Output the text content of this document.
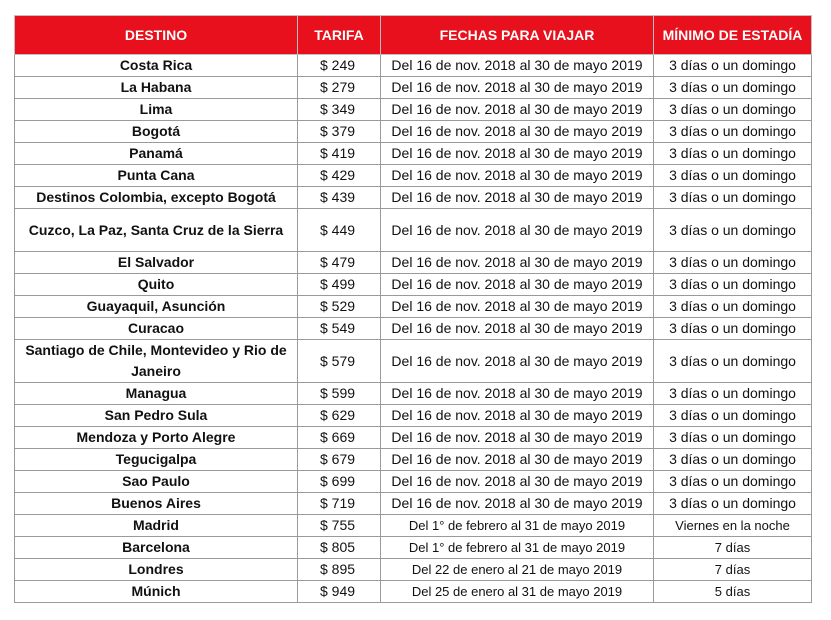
DESTINO	TARIFA	FECHAS PARA VIAJAR	MÍNIMO DE ESTADÍA
Costa Rica	$ 249	Del 16 de nov. 2018 al 30 de mayo 2019	3 días o un domingo
La Habana	$ 279	Del 16 de nov. 2018 al 30 de mayo 2019	3 días o un domingo
Lima	$ 349	Del 16 de nov. 2018 al 30 de mayo 2019	3 días o un domingo
Bogotá	$ 379	Del 16 de nov. 2018 al 30 de mayo 2019	3 días o un domingo
Panamá	$ 419	Del 16 de nov. 2018 al 30 de mayo 2019	3 días o un domingo
Punta Cana	$ 429	Del 16 de nov. 2018 al 30 de mayo 2019	3 días o un domingo
Destinos Colombia, excepto Bogotá	$ 439	Del 16 de nov. 2018 al 30 de mayo 2019	3 días o un domingo
Cuzco, La Paz, Santa Cruz de la Sierra	$ 449	Del 16 de nov. 2018 al 30 de mayo 2019	3 días o un domingo
El Salvador	$ 479	Del 16 de nov. 2018 al 30 de mayo 2019	3 días o un domingo
Quito	$ 499	Del 16 de nov. 2018 al 30 de mayo 2019	3 días o un domingo
Guayaquil, Asunción	$ 529	Del 16 de nov. 2018 al 30 de mayo 2019	3 días o un domingo
Curacao	$ 549	Del 16 de nov. 2018 al 30 de mayo 2019	3 días o un domingo
Santiago de Chile, Montevideo y Rio de Janeiro	$ 579	Del 16 de nov. 2018 al 30 de mayo 2019	3 días o un domingo
Managua	$ 599	Del 16 de nov. 2018 al 30 de mayo 2019	3 días o un domingo
San Pedro Sula	$ 629	Del 16 de nov. 2018 al 30 de mayo 2019	3 días o un domingo
Mendoza y Porto Alegre	$ 669	Del 16 de nov. 2018 al 30 de mayo 2019	3 días o un domingo
Tegucigalpa	$ 679	Del 16 de nov. 2018 al 30 de mayo 2019	3 días o un domingo
Sao Paulo	$ 699	Del 16 de nov. 2018 al 30 de mayo 2019	3 días o un domingo
Buenos Aires	$ 719	Del 16 de nov. 2018 al 30 de mayo 2019	3 días o un domingo
Madrid	$ 755	Del 1° de febrero al 31 de mayo 2019	Viernes en la noche
Barcelona	$ 805	Del 1° de febrero al 31 de mayo 2019	7 días
Londres	$ 895	Del 22 de enero al 21 de mayo 2019	7 días
Múnich	$ 949	Del 25 de enero al 31 de mayo 2019	5 días
